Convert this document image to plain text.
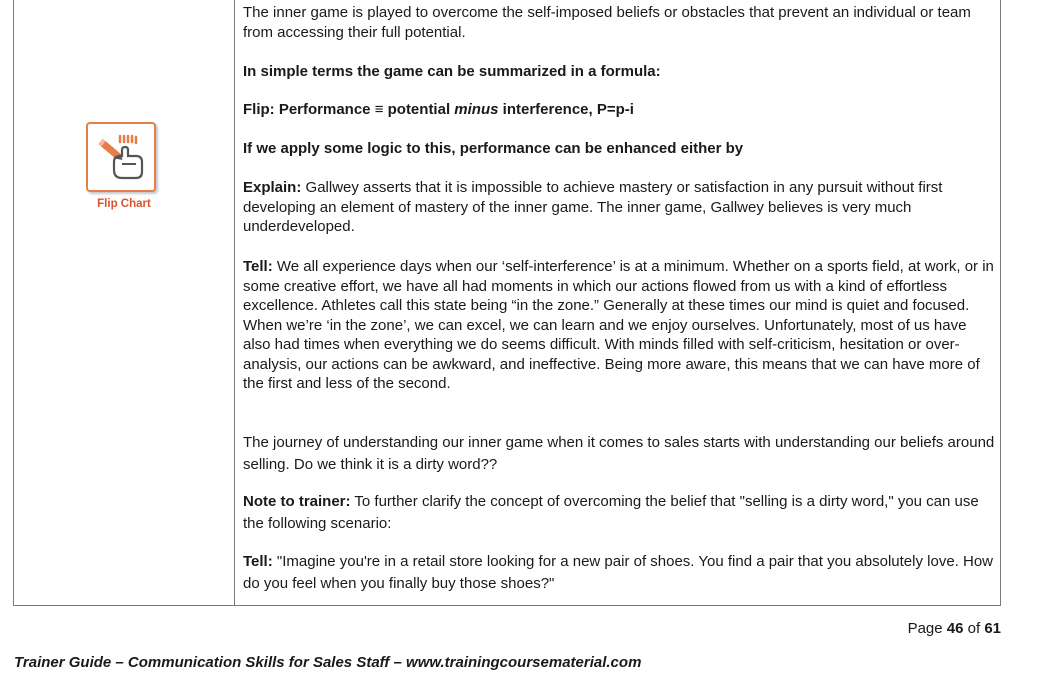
Flip Chart

The inner game is played to overcome the self-imposed beliefs or obstacles that prevent an individual or team from accessing their full potential.

In simple terms the game can be summarized in a formula:

Flip: Performance ≡ potential minus interference, P=p-i

If we apply some logic to this, performance can be enhanced either by

Explain: Gallwey asserts that it is impossible to achieve mastery or satisfaction in any pursuit without first developing an element of mastery of the inner game. The inner game, Gallwey believes is very much underdeveloped.

Tell: We all experience days when our ‘self-interference’ is at a minimum. Whether on a sports field, at work, or in some creative effort, we have all had moments in which our actions flowed from us with a kind of effortless excellence. Athletes call this state being “in the zone.” Generally at these times our mind is quiet and focused. When we’re ‘in the zone’, we can excel, we can learn and we enjoy ourselves. Unfortunately, most of us have also had times when everything we do seems difficult. With minds filled with self-criticism, hesitation or over-analysis, our actions can be awkward, and ineffective. Being more aware, this means that we can have more of the first and less of the second.

The journey of understanding our inner game when it comes to sales starts with understanding our beliefs around selling. Do we think it is a dirty word??

Note to trainer: To further clarify the concept of overcoming the belief that "selling is a dirty word," you can use the following scenario:

Tell: "Imagine you're in a retail store looking for a new pair of shoes. You find a pair that you absolutely love. How do you feel when you finally buy those shoes?"

Page 46 of 61
Trainer Guide – Communication Skills for Sales Staff – www.trainingcoursematerial.com
